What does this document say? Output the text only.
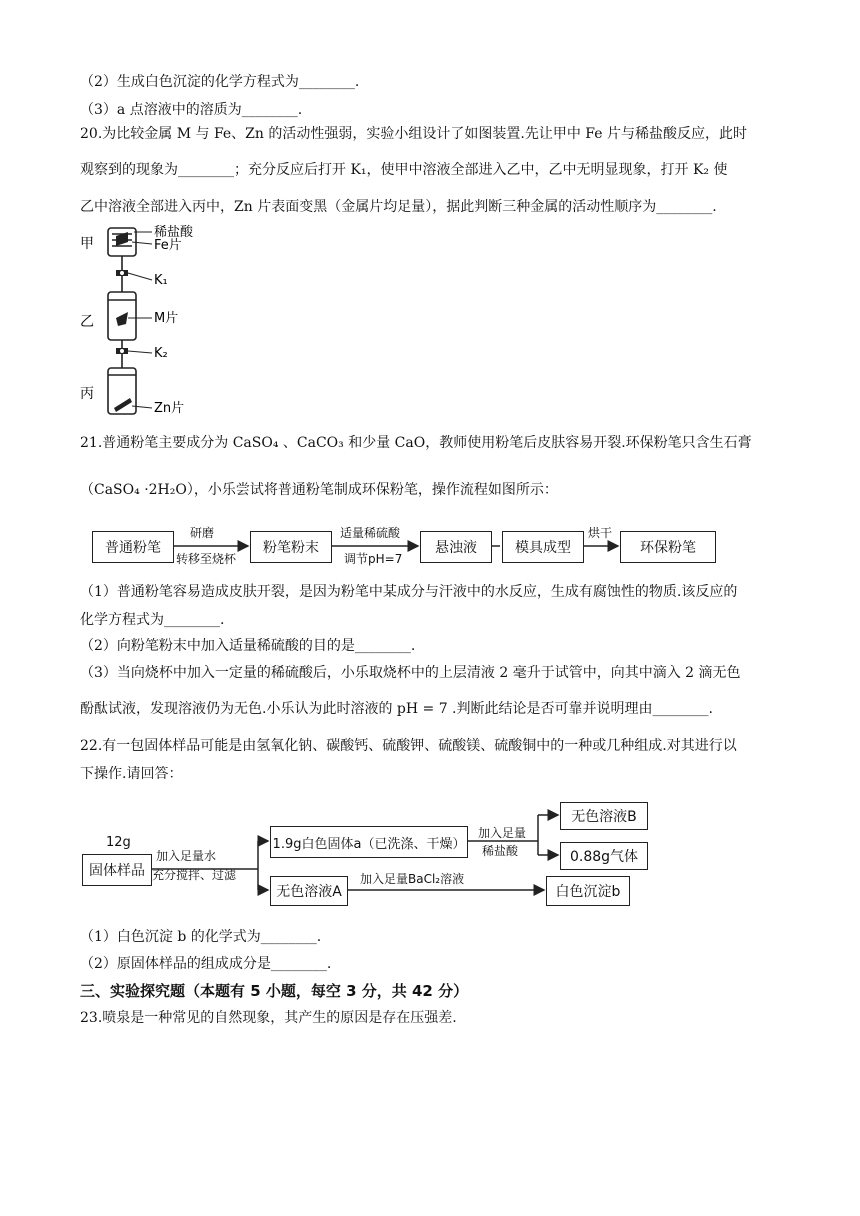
（2）生成白色沉淀的化学方程式为________.
（3）a 点溶液中的溶质为________.
20.为比较金属 M 与 Fe、Zn 的活动性强弱，实验小组设计了如图装置.先让甲中 Fe 片与稀盐酸反应，此时
观察到的现象为________；充分反应后打开 K₁，使甲中溶液全部进入乙中，乙中无明显现象，打开 K₂ 使
乙中溶液全部进入丙中，Zn 片表面变黑（金属片均足量），据此判断三种金属的活动性顺序为________.
甲
乙
丙
稀盐酸
Fe片
K₁
M片
K₂
Zn片
21.普通粉笔主要成分为 CaSO₄ 、CaCO₃ 和少量 CaO，教师使用粉笔后皮肤容易开裂.环保粉笔只含生石膏
（CaSO₄ ·2H₂O），小乐尝试将普通粉笔制成环保粉笔，操作流程如图所示：
普通粉笔	粉笔粉末	悬浊液	模具成型	环保粉笔
研磨
转移至烧杯
适量稀硫酸
调节pH=7
烘干
（1）普通粉笔容易造成皮肤开裂，是因为粉笔中某成分与汗液中的水反应，生成有腐蚀性的物质.该反应的
化学方程式为________.
（2）向粉笔粉末中加入适量稀硫酸的目的是________.
（3）当向烧杯中加入一定量的稀硫酸后，小乐取烧杯中的上层清液 2 毫升于试管中，向其中滴入 2 滴无色
酚酞试液，发现溶液仍为无色.小乐认为此时溶液的 pH = 7 .判断此结论是否可靠并说明理由________.
22.有一包固体样品可能是由氢氧化钠、碳酸钙、硫酸钾、硫酸镁、硫酸铜中的一种或几种组成.对其进行以
下操作.请回答：
12g
固体样品
加入足量水
充分搅拌、过滤
1.9g白色固体a（已洗涤、干燥）
无色溶液A
加入足量
稀盐酸
无色溶液B
0.88g气体
加入足量BaCl₂溶液
白色沉淀b
（1）白色沉淀 b 的化学式为________.
（2）原固体样品的组成成分是________.
三、实验探究题（本题有 5 小题，每空 3 分，共 42 分）
23.喷泉是一种常见的自然现象，其产生的原因是存在压强差.
